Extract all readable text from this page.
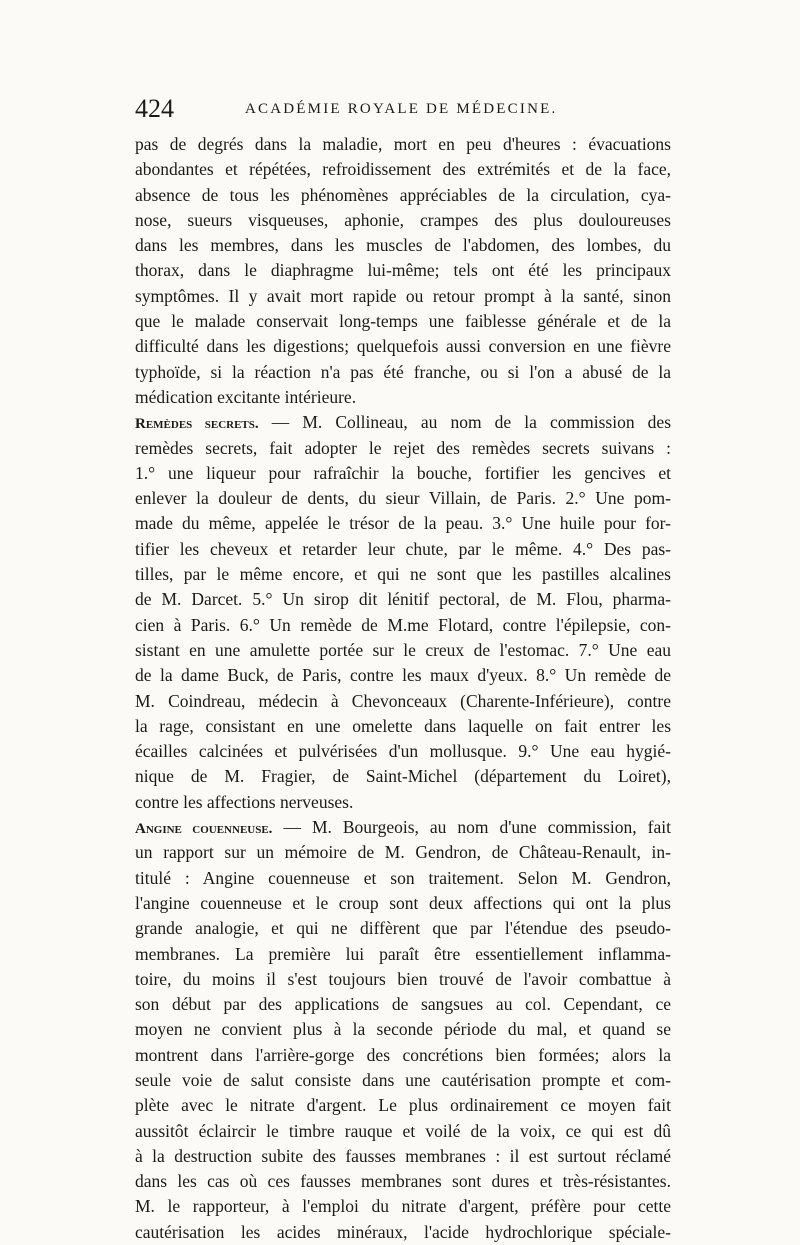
424	ACADÉMIE ROYALE DE MÉDECINE.
pas de degrés dans la maladie, mort en peu d'heures : évacuations
abondantes et répétées, refroidissement des extrémités et de la face,
absence de tous les phénomènes appréciables de la circulation, cya-
nose, sueurs visqueuses, aphonie, crampes des plus douloureuses
dans les membres, dans les muscles de l'abdomen, des lombes, du
thorax, dans le diaphragme lui-même; tels ont été les principaux
symptômes. Il y avait mort rapide ou retour prompt à la santé, sinon
que le malade conservait long-temps une faiblesse générale et de la
difficulté dans les digestions; quelquefois aussi conversion en une fièvre
typhoïde, si la réaction n'a pas été franche, ou si l'on a abusé de la
médication excitante intérieure.
Remèdes secrets. — M. Collineau, au nom de la commission des
remèdes secrets, fait adopter le rejet des remèdes secrets suivans :
1.° une liqueur pour rafraîchir la bouche, fortifier les gencives et
enlever la douleur de dents, du sieur Villain, de Paris. 2.° Une pom-
made du même, appelée le trésor de la peau. 3.° Une huile pour for-
tifier les cheveux et retarder leur chute, par le même. 4.° Des pas-
tilles, par le même encore, et qui ne sont que les pastilles alcalines
de M. Darcet. 5.° Un sirop dit lénitif pectoral, de M. Flou, pharma-
cien à Paris. 6.° Un remède de M.me Flotard, contre l'épilepsie, con-
sistant en une amulette portée sur le creux de l'estomac. 7.° Une eau
de la dame Buck, de Paris, contre les maux d'yeux. 8.° Un remède de
M. Coindreau, médecin à Chevonceaux (Charente-Inférieure), contre
la rage, consistant en une omelette dans laquelle on fait entrer les
écailles calcinées et pulvérisées d'un mollusque. 9.° Une eau hygié-
nique de M. Fragier, de Saint-Michel (département du Loiret),
contre les affections nerveuses.
Angine couenneuse. — M. Bourgeois, au nom d'une commission, fait
un rapport sur un mémoire de M. Gendron, de Château-Renault, in-
titulé : Angine couenneuse et son traitement. Selon M. Gendron,
l'angine couenneuse et le croup sont deux affections qui ont la plus
grande analogie, et qui ne diffèrent que par l'étendue des pseudo-
membranes. La première lui paraît être essentiellement inflamma-
toire, du moins il s'est toujours bien trouvé de l'avoir combattue à
son début par des applications de sangsues au col. Cependant, ce
moyen ne convient plus à la seconde période du mal, et quand se
montrent dans l'arrière-gorge des concrétions bien formées; alors la
seule voie de salut consiste dans une cautérisation prompte et com-
plète avec le nitrate d'argent. Le plus ordinairement ce moyen fait
aussitôt éclaircir le timbre rauque et voilé de la voix, ce qui est dû
à la destruction subite des fausses membranes : il est surtout réclamé
dans les cas où ces fausses membranes sont dures et très-résistantes.
M. le rapporteur, à l'emploi du nitrate d'argent, préfère pour cette
cautérisation les acides minéraux, l'acide hydrochlorique spéciale-
